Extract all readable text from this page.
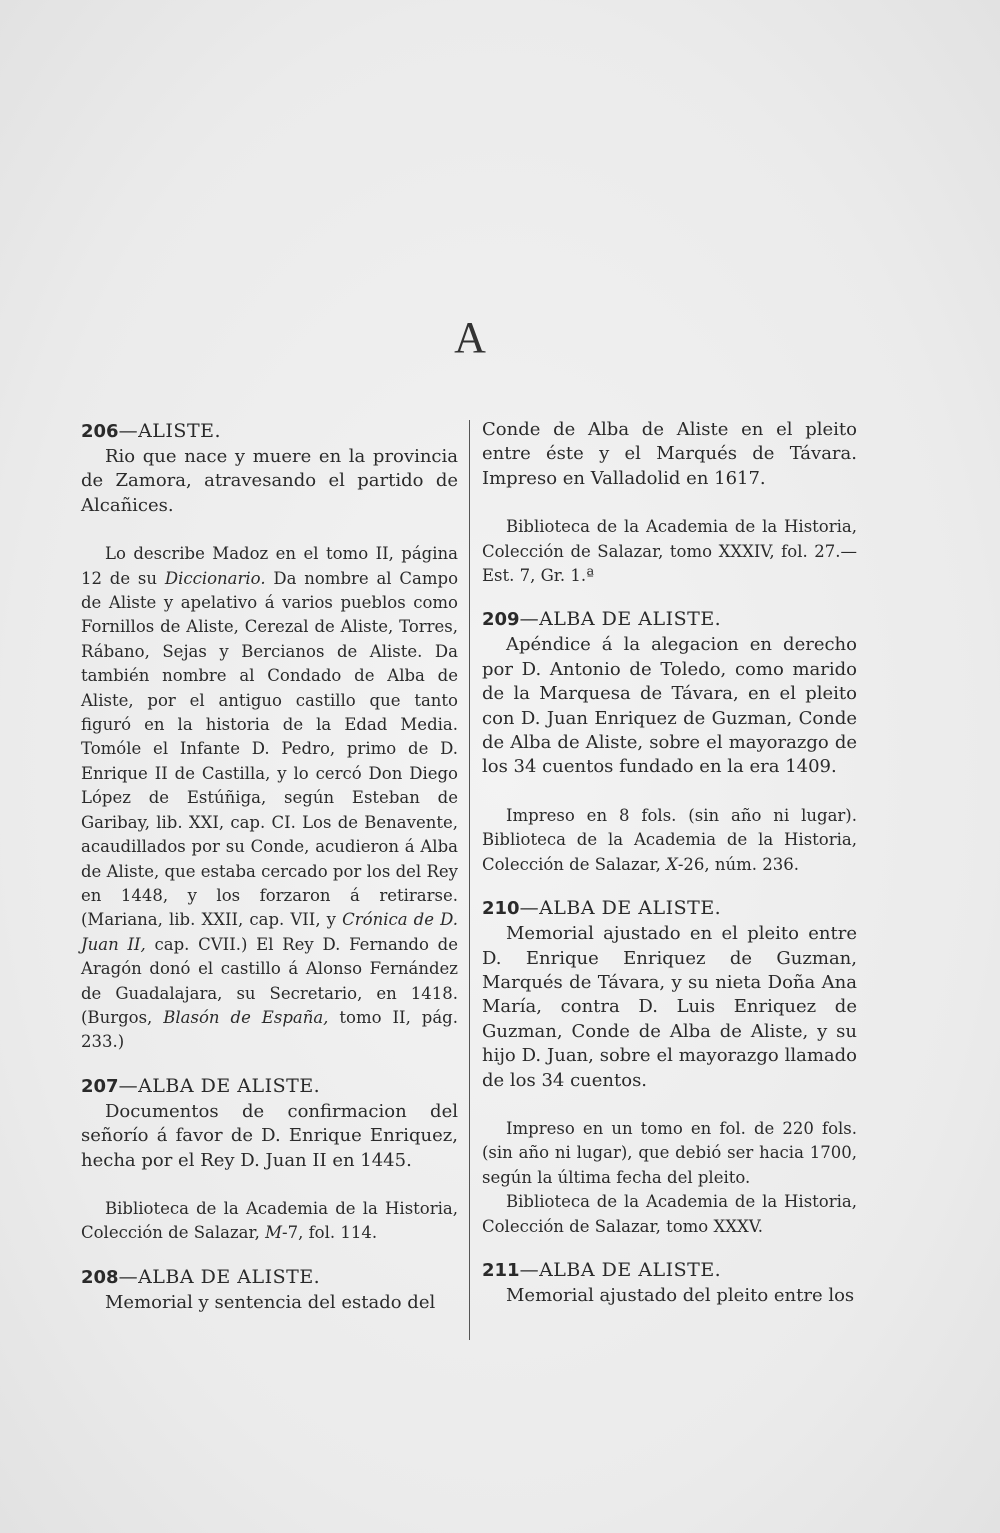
A

206—ALISTE.

Rio que nace y muere en la provincia de Zamora, atravesando el partido de Alcañices.

Lo describe Madoz en el tomo II, página 12 de su Diccionario. Da nombre al Campo de Aliste y apelativo á varios pueblos como Fornillos de Aliste, Cerezal de Aliste, Torres, Rábano, Sejas y Bercianos de Aliste. Da también nombre al Condado de Alba de Aliste, por el antiguo castillo que tanto figuró en la historia de la Edad Media. Tomóle el Infante D. Pedro, primo de D. Enrique II de Castilla, y lo cercó Don Diego López de Estúñiga, según Esteban de Garibay, lib. XXI, cap. CI. Los de Benavente, acaudillados por su Conde, acudieron á Alba de Aliste, que estaba cercado por los del Rey en 1448, y los forzaron á retirarse. (Mariana, lib. XXII, cap. VII, y Crónica de D. Juan II, cap. CVII.) El Rey D. Fernando de Aragón donó el castillo á Alonso Fernández de Guadalajara, su Secretario, en 1418. (Burgos, Blasón de España, tomo II, pág. 233.)

207—ALBA DE ALISTE.

Documentos de confirmacion del señorío á favor de D. Enrique Enriquez, hecha por el Rey D. Juan II en 1445.

Biblioteca de la Academia de la Historia, Colección de Salazar, M-7, fol. 114.

208—ALBA DE ALISTE.

Memorial y sentencia del estado del

Conde de Alba de Aliste en el pleito entre éste y el Marqués de Távara. Impreso en Valladolid en 1617.

Biblioteca de la Academia de la Historia, Colección de Salazar, tomo XXXIV, fol. 27.—Est. 7, Gr. 1.ª

209—ALBA DE ALISTE.

Apéndice á la alegacion en derecho por D. Antonio de Toledo, como marido de la Marquesa de Távara, en el pleito con D. Juan Enriquez de Guzman, Conde de Alba de Aliste, sobre el mayorazgo de los 34 cuentos fundado en la era 1409.

Impreso en 8 fols. (sin año ni lugar). Biblioteca de la Academia de la Historia, Colección de Salazar, X-26, núm. 236.

210—ALBA DE ALISTE.

Memorial ajustado en el pleito entre D. Enrique Enriquez de Guzman, Marqués de Távara, y su nieta Doña Ana María, contra D. Luis Enriquez de Guzman, Conde de Alba de Aliste, y su hijo D. Juan, sobre el mayorazgo llamado de los 34 cuentos.

Impreso en un tomo en fol. de 220 fols. (sin año ni lugar), que debió ser hacia 1700, según la última fecha del pleito.

Biblioteca de la Academia de la Historia, Colección de Salazar, tomo XXXV.

211—ALBA DE ALISTE.

Memorial ajustado del pleito entre los
